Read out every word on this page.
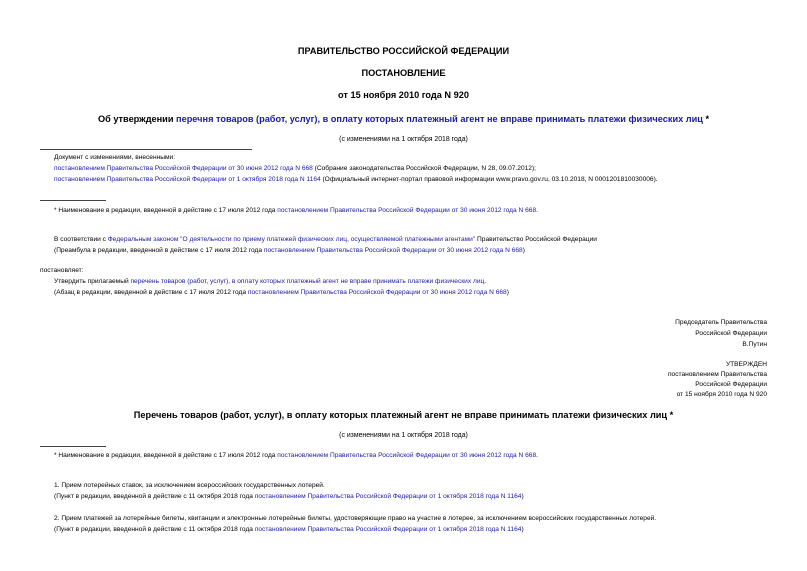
ПРАВИТЕЛЬСТВО РОССИЙСКОЙ ФЕДЕРАЦИИ
ПОСТАНОВЛЕНИЕ
от 15 ноября 2010 года N 920
Об утверждении перечня товаров (работ, услуг), в оплату которых платежный агент не вправе принимать платежи физических лиц *
(с изменениями на 1 октября 2018 года)
Документ с изменениями, внесенными:
постановлением Правительства Российской Федерации от 30 июня 2012 года N 668 (Собрание законодательства Российской Федерации, N 28, 09.07.2012);
постановлением Правительства Российской Федерации от 1 октября 2018 года N 1164 (Официальный интернет-портал правовой информации www.pravo.gov.ru, 03.10.2018, N 0001201810030006).
* Наименование в редакции, введенной в действие с 17 июля 2012 года постановлением Правительства Российской Федерации от 30 июня 2012 года N 668.
В соответствии с Федеральным законом "О деятельности по приему платежей физических лиц, осуществляемой платежными агентами" Правительство Российской Федерации
(Преамбула в редакции, введенной в действие с 17 июля 2012 года постановлением Правительства Российской Федерации от 30 июня 2012 года N 668)
постановляет:
Утвердить прилагаемый перечень товаров (работ, услуг), в оплату которых платежный агент не вправе принимать платежи физических лиц.
(Абзац в редакции, введенной в действие с 17 июля 2012 года постановлением Правительства Российской Федерации от 30 июня 2012 года N 668)
Председатель Правительства
Российской Федерации
В.Путин
УТВЕРЖДЕН
постановлением Правительства
Российской Федерации
от 15 ноября 2010 года N 920
Перечень товаров (работ, услуг), в оплату которых платежный агент не вправе принимать платежи физических лиц *
(с изменениями на 1 октября 2018 года)
* Наименование в редакции, введенной в действие с 17 июля 2012 года постановлением Правительства Российской Федерации от 30 июня 2012 года N 668.
1. Прием лотерейных ставок, за исключением всероссийских государственных лотерей.
(Пункт в редакции, введенной в действие с 11 октября 2018 года постановлением Правительства Российской Федерации от 1 октября 2018 года N 1164)
2. Прием платежей за лотерейные билеты, квитанции и электронные лотерейные билеты, удостоверяющие право на участие в лотерее, за исключением всероссийских государственных лотерей.
(Пункт в редакции, введенной в действие с 11 октября 2018 года постановлением Правительства Российской Федерации от 1 октября 2018 года N 1164)
